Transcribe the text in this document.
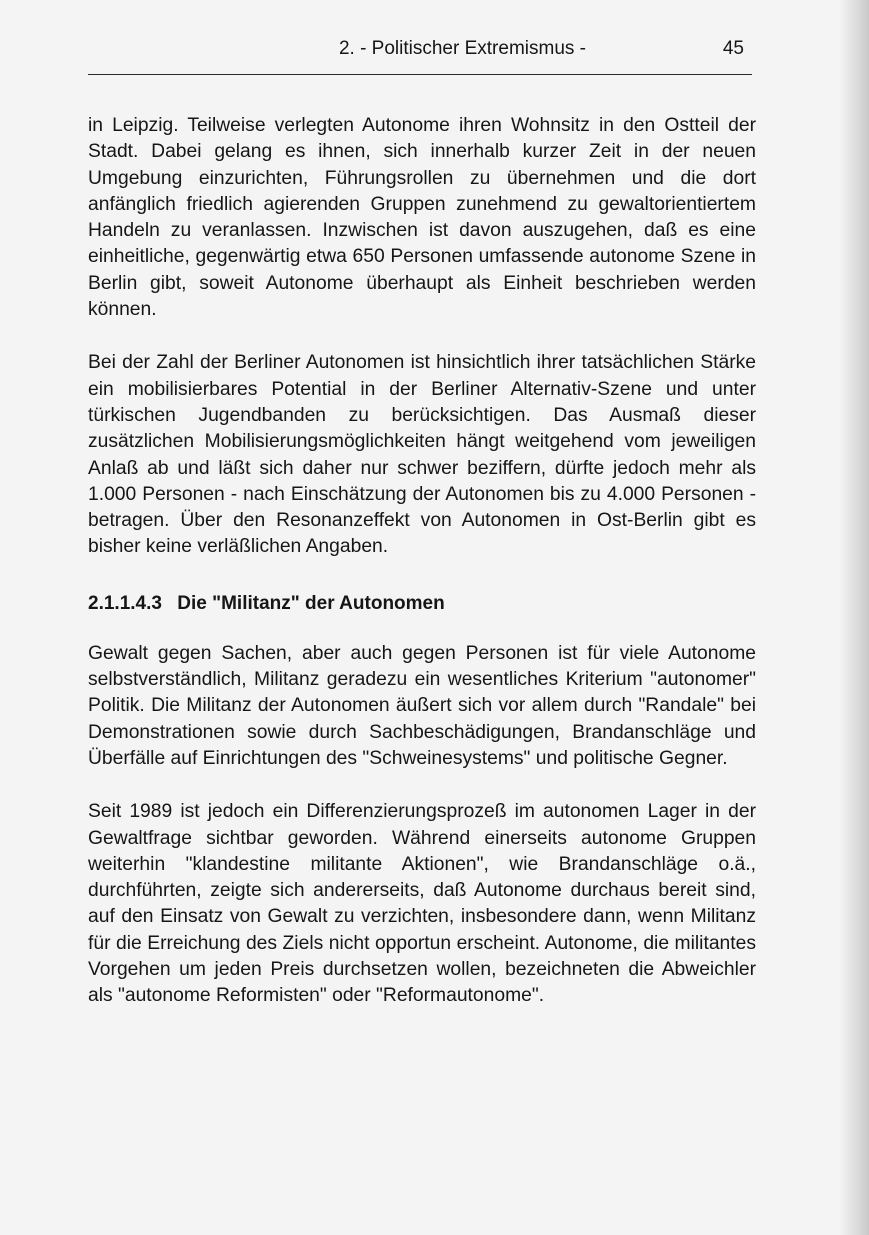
2. - Politischer Extremismus -	45

in Leipzig. Teilweise verlegten Autonome ihren Wohnsitz in den Ostteil der Stadt. Dabei gelang es ihnen, sich innerhalb kurzer Zeit in der neuen Umgebung einzurichten, Führungsrollen zu übernehmen und die dort anfänglich friedlich agierenden Gruppen zunehmend zu gewaltorientiertem Handeln zu veranlassen. Inzwischen ist davon auszugehen, daß es eine einheitliche, gegenwärtig etwa 650 Personen umfassende autonome Szene in Berlin gibt, soweit Autonome überhaupt als Einheit beschrieben werden können.

Bei der Zahl der Berliner Autonomen ist hinsichtlich ihrer tatsächlichen Stärke ein mobilisierbares Potential in der Berliner Alternativ-Szene und unter türkischen Jugendbanden zu berücksichtigen. Das Ausmaß dieser zusätzlichen Mobilisierungsmöglichkeiten hängt weitgehend vom jeweiligen Anlaß ab und läßt sich daher nur schwer beziffern, dürfte jedoch mehr als 1.000 Personen - nach Einschätzung der Autonomen bis zu 4.000 Personen - betragen. Über den Resonanzeffekt von Autonomen in Ost-Berlin gibt es bisher keine verläßlichen Angaben.

2.1.1.4.3 Die "Militanz" der Autonomen

Gewalt gegen Sachen, aber auch gegen Personen ist für viele Autonome selbstverständlich, Militanz geradezu ein wesentliches Kriterium "autonomer" Politik. Die Militanz der Autonomen äußert sich vor allem durch "Randale" bei Demonstrationen sowie durch Sachbeschädigungen, Brandanschläge und Überfälle auf Einrichtungen des "Schweinesystems" und politische Gegner.

Seit 1989 ist jedoch ein Differenzierungsprozeß im autonomen Lager in der Gewaltfrage sichtbar geworden. Während einerseits autonome Gruppen weiterhin "klandestine militante Aktionen", wie Brandanschläge o.ä., durchführten, zeigte sich andererseits, daß Autonome durchaus bereit sind, auf den Einsatz von Gewalt zu verzichten, insbesondere dann, wenn Militanz für die Erreichung des Ziels nicht opportun erscheint. Autonome, die militantes Vorgehen um jeden Preis durchsetzen wollen, bezeichneten die Abweichler als "autonome Reformisten" oder "Reformautonome".
